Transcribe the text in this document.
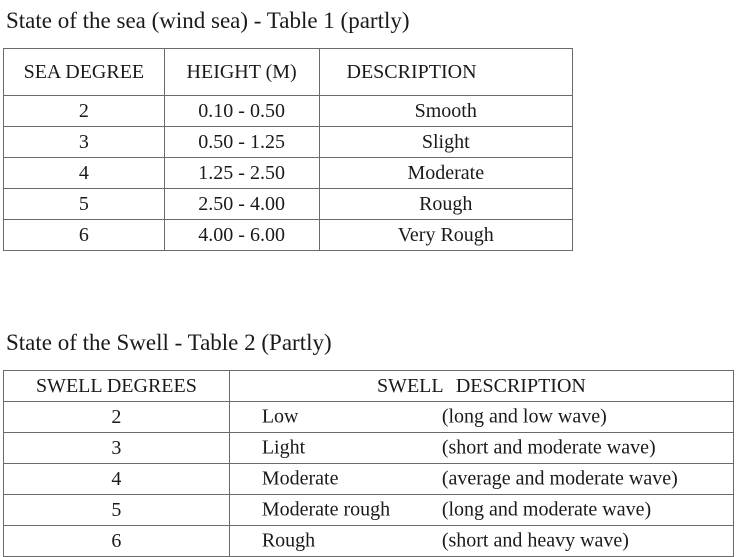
State of the sea (wind sea) - Table 1 (partly)
SEA DEGREE	HEIGHT (M)	DESCRIPTION
2	0.10 - 0.50	Smooth
3	0.50 - 1.25	Slight
4	1.25 - 2.50	Moderate
5	2.50 - 4.00	Rough
6	4.00 - 6.00	Very Rough
State of the Swell - Table 2 (Partly)
SWELL DEGREES	SWELL DESCRIPTION
2	Low (long and low wave)

3	Light (short and moderate wave)

4	Moderate (average and moderate wave)

5	Moderate rough (long and moderate wave)

6	Rough (short and heavy wave)
